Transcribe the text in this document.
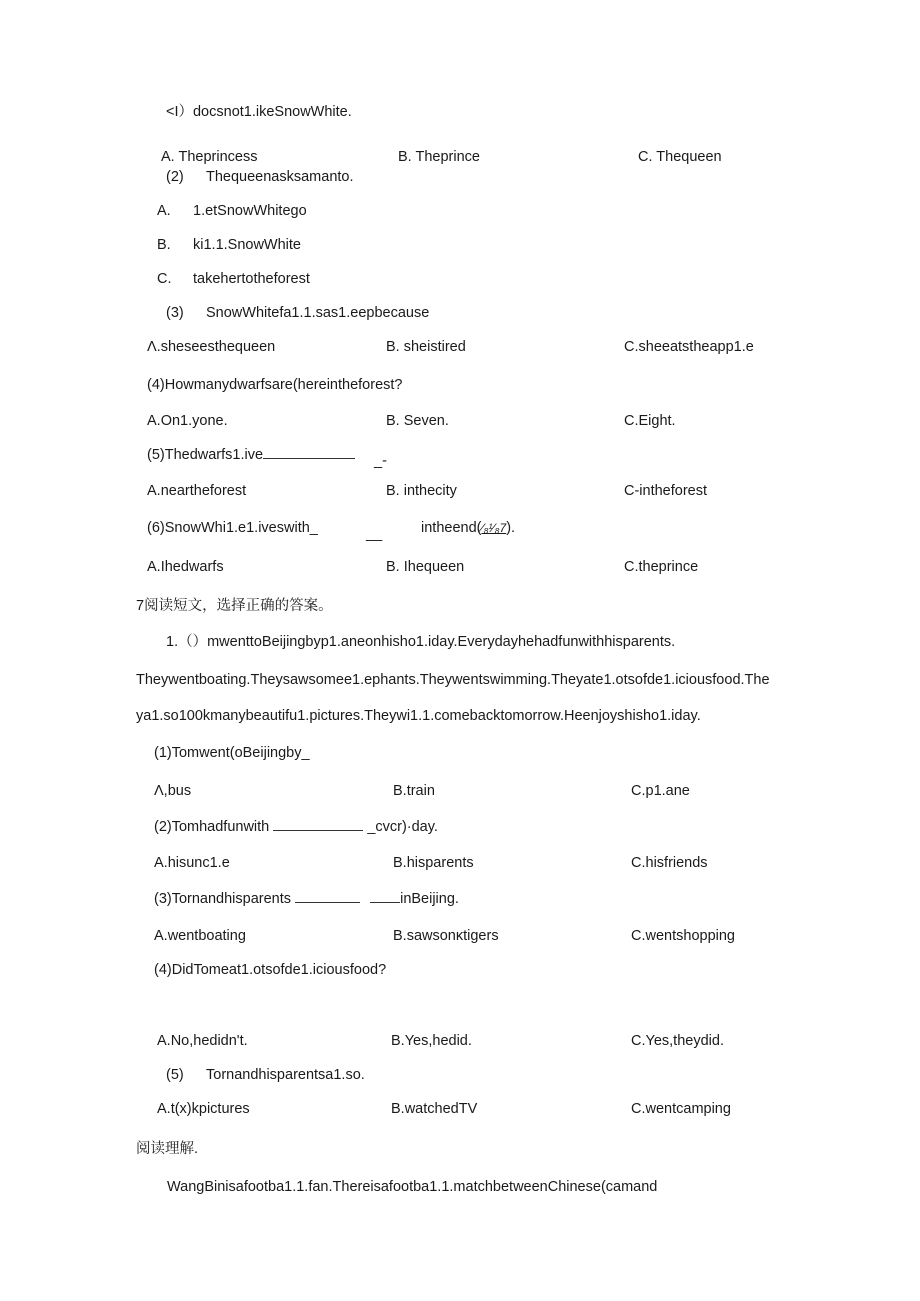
<I）docsnot1.ikeSnowWhite.
A. Theprincess	B. Theprince	C. Thequeen
(2) Thequeenasksamanto.
A. 1.etSnowWhitego
B. ki1.1.SnowWhite
C. takehertotheforest
(3) SnowWhitefa1.1.sas1.eepbecause
Λ.sheseesthequeen	B. sheistired	C.sheeatstheapp1.e
(4)Howmanydwarfsare(hereintheforest?
A.On1.yone.	B. Seven.	C.Eight.
(5)Thedwarfs1.ive	_-
A.neartheforest	B. inthecity	C-intheforest
(6)SnowWhi1.e1.iveswith_	__	intheend(⁄₈¹⁄₈7).
A.Ihedwarfs	B. Ihequeen	C.theprince
7阅读短文，选择正确的答案。
1.（）mwenttoBeijingbyp1.aneonhisho1.iday.Everydayhehadfunwithhisparents.
Theywentboating.Theysawsomee1.ephants.Theywentswimming.Theyate1.otsofde1.iciousfood.The
ya1.so100kmanybeautifu1.pictures.Theywi1.1.comebacktomorrow.Heenjoyshisho1.iday.
(1)Tomwent(oBeijingby_
Λ,bus	B.train	C.p1.ane
(2)Tomhadfunwith	_cvcr)·day.
A.hisunc1.e	B.hisparents	C.hisfriends
(3)Tornandhisparents	inBeijing.
A.wentboating	B.sawsonκtigers	C.wentshopping
(4)DidTomeat1.otsofde1.iciousfood?
A.No,hedidn't.	B.Yes,hedid.	C.Yes,theydid.
(5) Tornandhisparentsa1.so.
A.t(x)kpictures	B.watchedTV	C.wentcamping
阅读理解.
WangBinisafootba1.1.fan.Thereisafootba1.1.matchbetweenChinese(camand
